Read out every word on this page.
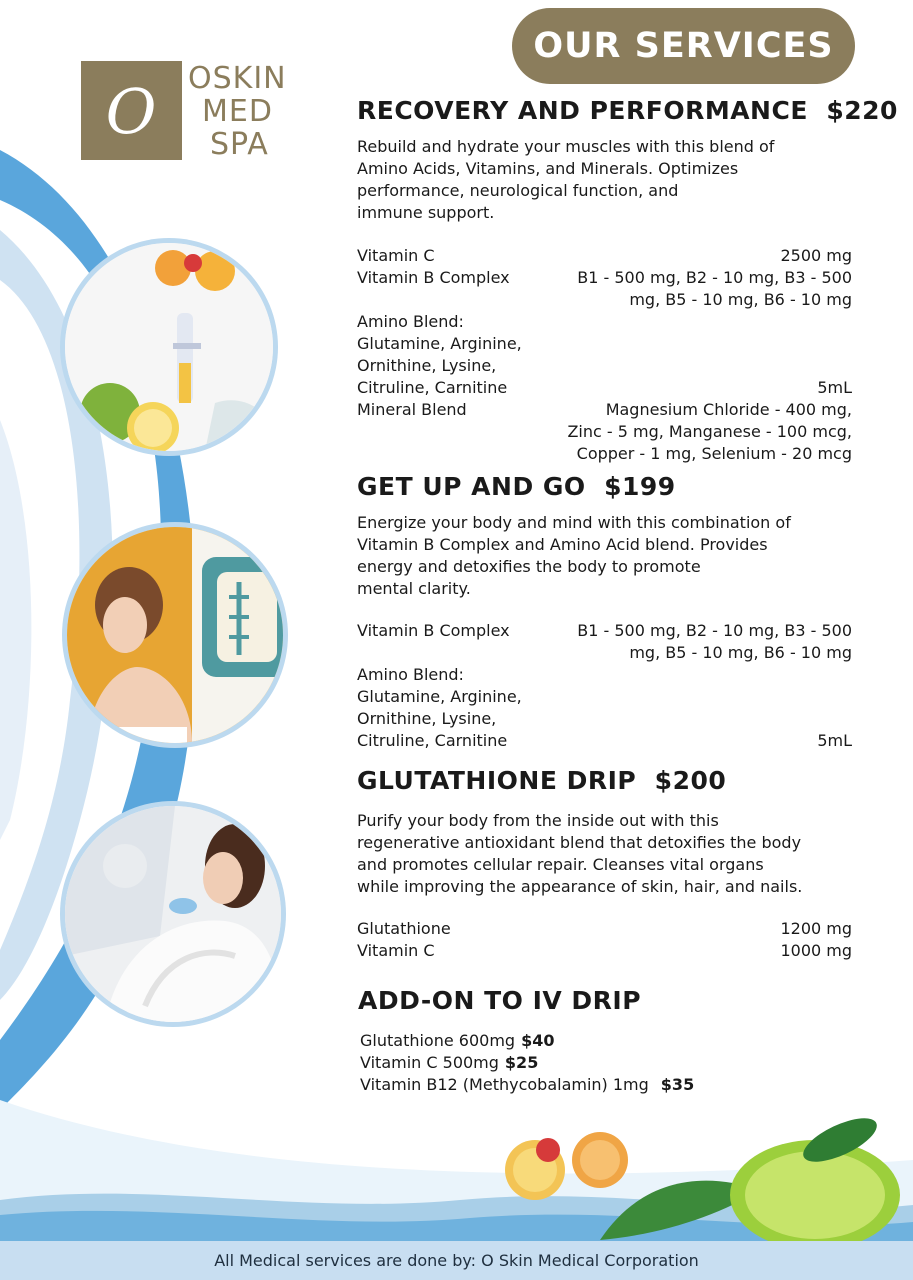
OUR SERVICES
O OSKIN
MED
SPA
RECOVERY AND PERFORMANCE $220
Rebuild and hydrate your muscles with this blend of
Amino Acids, Vitamins, and Minerals. Optimizes
performance, neurological function, and
immune support.
Vitamin C	2500 mg
Vitamin B Complex	B1 - 500 mg, B2 - 10 mg, B3 - 500
mg, B5 - 10 mg, B6 - 10 mg
Amino Blend:
Glutamine, Arginine,
Ornithine, Lysine,
Citruline, Carnitine	5mL
Mineral Blend	Magnesium Chloride - 400 mg,
Zinc - 5 mg, Manganese - 100 mcg,
Copper - 1 mg, Selenium - 20 mcg
GET UP AND GO $199
Energize your body and mind with this combination of
Vitamin B Complex and Amino Acid blend. Provides
energy and detoxifies the body to promote
mental clarity.
Vitamin B Complex	B1 - 500 mg, B2 - 10 mg, B3 - 500
mg, B5 - 10 mg, B6 - 10 mg
Amino Blend:
Glutamine, Arginine,
Ornithine, Lysine,
Citruline, Carnitine	5mL
GLUTATHIONE DRIP $200
Purify your body from the inside out with this
regenerative antioxidant blend that detoxifies the body
and promotes cellular repair. Cleanses vital organs
while improving the appearance of skin, hair, and nails.
Glutathione	1200 mg
Vitamin C	1000 mg
ADD-ON TO IV DRIP
Glutathione 600mg $40
Vitamin C 500mg $25
Vitamin B12 (Methycobalamin) 1mg $35
All Medical services are done by: O Skin Medical Corporation
